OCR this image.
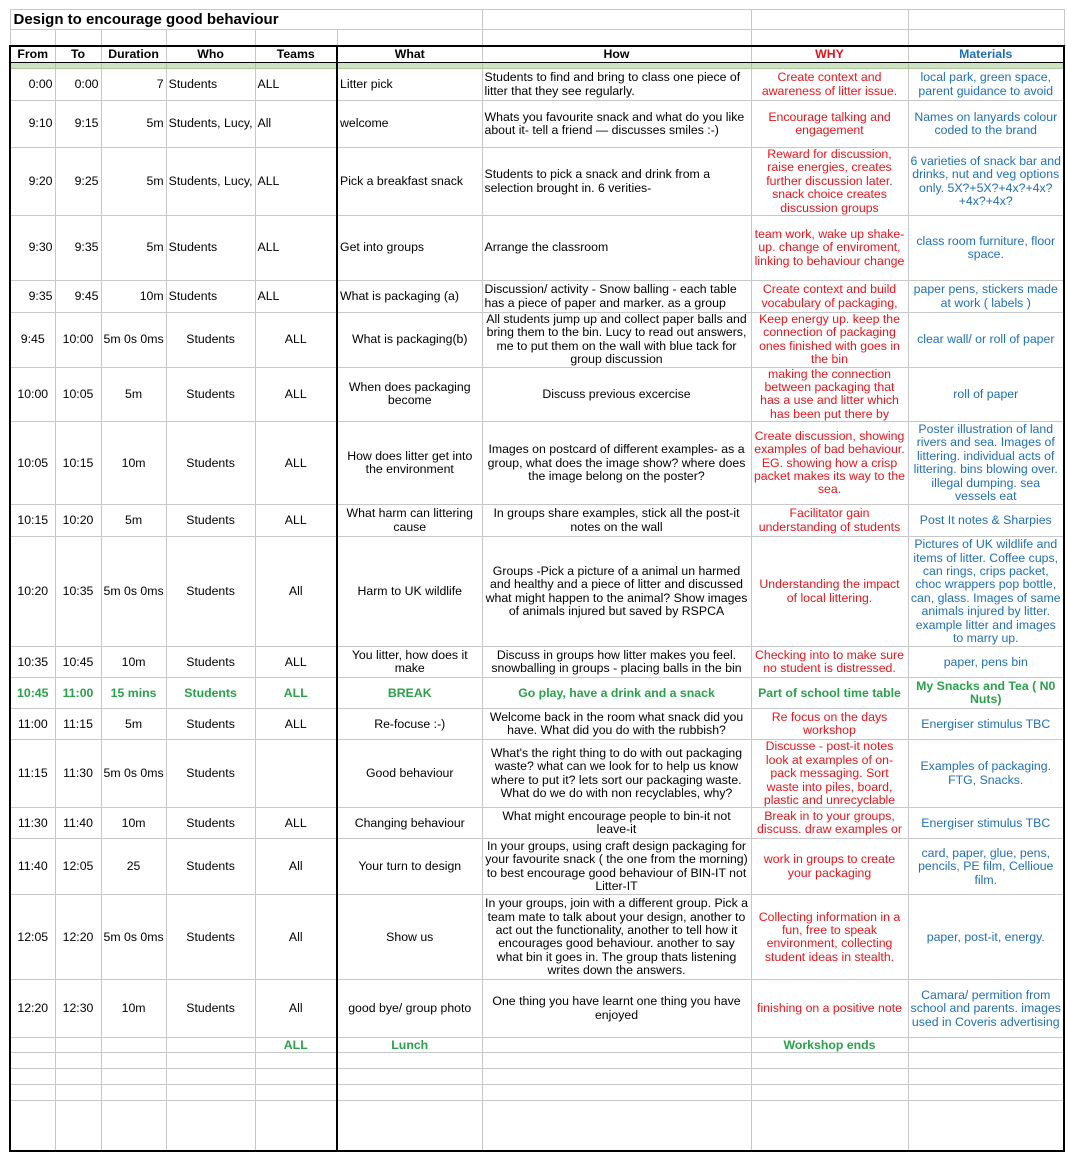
Design to encourage good behaviour								

From	To	Duration	Who	Teams	What	How	WHY	Materials

0:00	0:00	7	Students	ALL	Litter pick	Students to find and bring to class one piece of litter that they see regularly.	Create context and awareness of litter issue.	local park, green space, parent guidance to avoid
9:10	9:15	5m	Students, Lucy,	All	welcome	Whats you favourite snack and what do you like about it- tell a friend — discusses smiles :-)	Encourage talking and engagement	Names on lanyards colour coded to the brand
9:20	9:25	5m	Students, Lucy,	ALL	Pick a breakfast snack	Students to pick a snack and drink from a selection brought in. 6 verities-	Reward for discussion, raise energies, creates further discussion later. snack choice creates discussion groups	6 varieties of snack bar and drinks, nut and veg options only. 5X?+5X?+4x?+4x?+4x?+4x?
9:30	9:35	5m	Students	ALL	Get into groups	Arrange the classroom	team work, wake up shake-up. change of enviroment, linking to behaviour change	class room furniture, floor space.
9:35	9:45	10m	Students	ALL	What is packaging (a)	Discussion/ activity - Snow balling - each table has a piece of paper and marker. as a group	Create context and build vocabulary of packaging,	paper pens, stickers made at work ( labels )
9:45	10:00	5m 0s 0ms	Students	ALL	What is packaging(b)	All students jump up and collect paper balls and bring them to the bin. Lucy to read out answers, me to put them on the wall with blue tack for group discussion	Keep energy up. keep the connection of packaging ones finished with goes in the bin	clear wall/ or roll of paper
10:00	10:05	5m	Students	ALL	When does packaging become	Discuss previous excercise	making the connection between packaging that has a use and litter which has been put there by	roll of paper
10:05	10:15	10m	Students	ALL	How does litter get into the environment	Images on postcard of different examples- as a group, what does the image show? where does the image belong on the poster?	Create discussion, showing examples of bad behaviour. EG. showing how a crisp packet makes its way to the sea.	Poster illustration of land rivers and sea. Images of littering. individual acts of littering. bins blowing over. illegal dumping. sea vessels eat
10:15	10:20	5m	Students	ALL	What harm can littering cause	In groups share examples, stick all the post-it notes on the wall	Facilitator gain understanding of students	Post It notes & Sharpies
10:20	10:35	5m 0s 0ms	Students	All	Harm to UK wildlife	Groups -Pick a picture of a animal un harmed and healthy and a piece of litter and discussed what might happen to the animal? Show images of animals injured but saved by RSPCA	Understanding the impact of local littering.	Pictures of UK wildlife and items of litter. Coffee cups, can rings, crips packet, choc wrappers pop bottle, can, glass. Images of same animals injured by litter. example litter and images to marry up.
10:35	10:45	10m	Students	ALL	You litter, how does it make	Discuss in groups how litter makes you feel. snowballing in groups - placing balls in the bin	Checking into to make sure no student is distressed.	paper, pens bin
10:45	11:00	15 mins	Students	ALL	BREAK	Go play, have a drink and a snack	Part of school time table	My Snacks and Tea ( N0 Nuts)
11:00	11:15	5m	Students	ALL	Re-focuse :-)	Welcome back in the room what snack did you have. What did you do with the rubbish?	Re focus on the days workshop	Energiser stimulus TBC
11:15	11:30	5m 0s 0ms	Students		Good behaviour	What's the right thing to do with out packaging waste? what can we look for to help us know where to put it? lets sort our packaging waste. What do we do with non recyclables, why?	Discusse - post-it notes look at examples of on-pack messaging. Sort waste into piles, board, plastic and unrecyclable	Examples of packaging. FTG, Snacks.
11:30	11:40	10m	Students	ALL	Changing behaviour	What might encourage people to bin-it not leave-it	Break in to your groups, discuss. draw examples or	Energiser stimulus TBC
11:40	12:05	25	Students	All	Your turn to design	In your groups, using craft design packaging for your favourite snack ( the one from the morning) to best encourage good behaviour of BIN-IT not Litter-IT	work in groups to create your packaging	card, paper, glue, pens, pencils, PE film, Cellioue film.
12:05	12:20	5m 0s 0ms	Students	All	Show us	In your groups, join with a different group. Pick a team mate to talk about your design, another to act out the functionality, another to tell how it encourages good behaviour. another to say what bin it goes in. The group thats listening writes down the answers.	Collecting information in a fun, free to speak environment, collecting student ideas in stealth.	paper, post-it, energy.
12:20	12:30	10m	Students	All	good bye/ group photo	One thing you have learnt one thing you have enjoyed	finishing on a positive note	Camara/ permition from school and parents. images used in Coveris advertising
				ALL	Lunch		Workshop ends	
